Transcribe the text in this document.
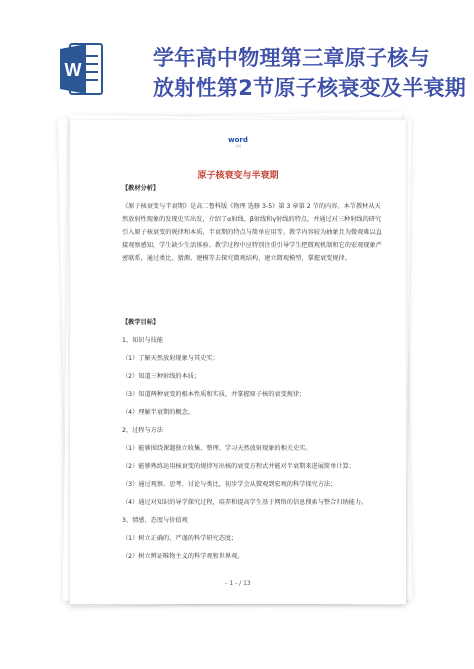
W	学年高中物理第三章原子核与
放射性第2节原子核衰变及半衰期
word
文档
原子核衰变与半衰期
【教材分析】
《原子核衰变与半衰期》是高二鲁科版《物理 选修 3-5》第 3 章第 2 节的内容。本节教材从天然放射性现象的发现史实出发，介绍了α射线、β射线和γ射线的特点，并通过对三种射线的研究引入原子核衰变的规律和本质，半衰期的特点与简单应用等。教学内容较为抽象且为微观难以直接观察感知，学生缺少生活体验。教学过程中应特别注重引导学生把微观机制和它的宏观现象严密联系，通过类比、猜测、建模等去探究微观结构，建立微观模型，掌握衰变规律。
【教学目标】
1、知识与技能
（1）了解天然放射现象与其史实；
（2）知道三种射线的本质；
（3）知道两种衰变的根本性质和实质，并掌握原子核的衰变规律；
（4）理解半衰期的概念。
2、过程与方法
（1）能够围绕课题独立收集、整理、学习天然放射现象的相关史实。
（2）能够熟练运用核衰变的规律写出核的衰变方程式并能对半衰期来进展简单计算；
（3）通过观察、思考、讨论与类比，初步学会从微观到宏观的科学探究方法；
（4）通过对知识的导学探究过程，培养和提高学生基于网络的信息搜索与整合归纳能力。
3、情感、态度与价值观
（1）树立正确的、严谨的科学研究态度；
（2）树立辨证唯物主义的科学观和世界观。
- 1 - / 13
